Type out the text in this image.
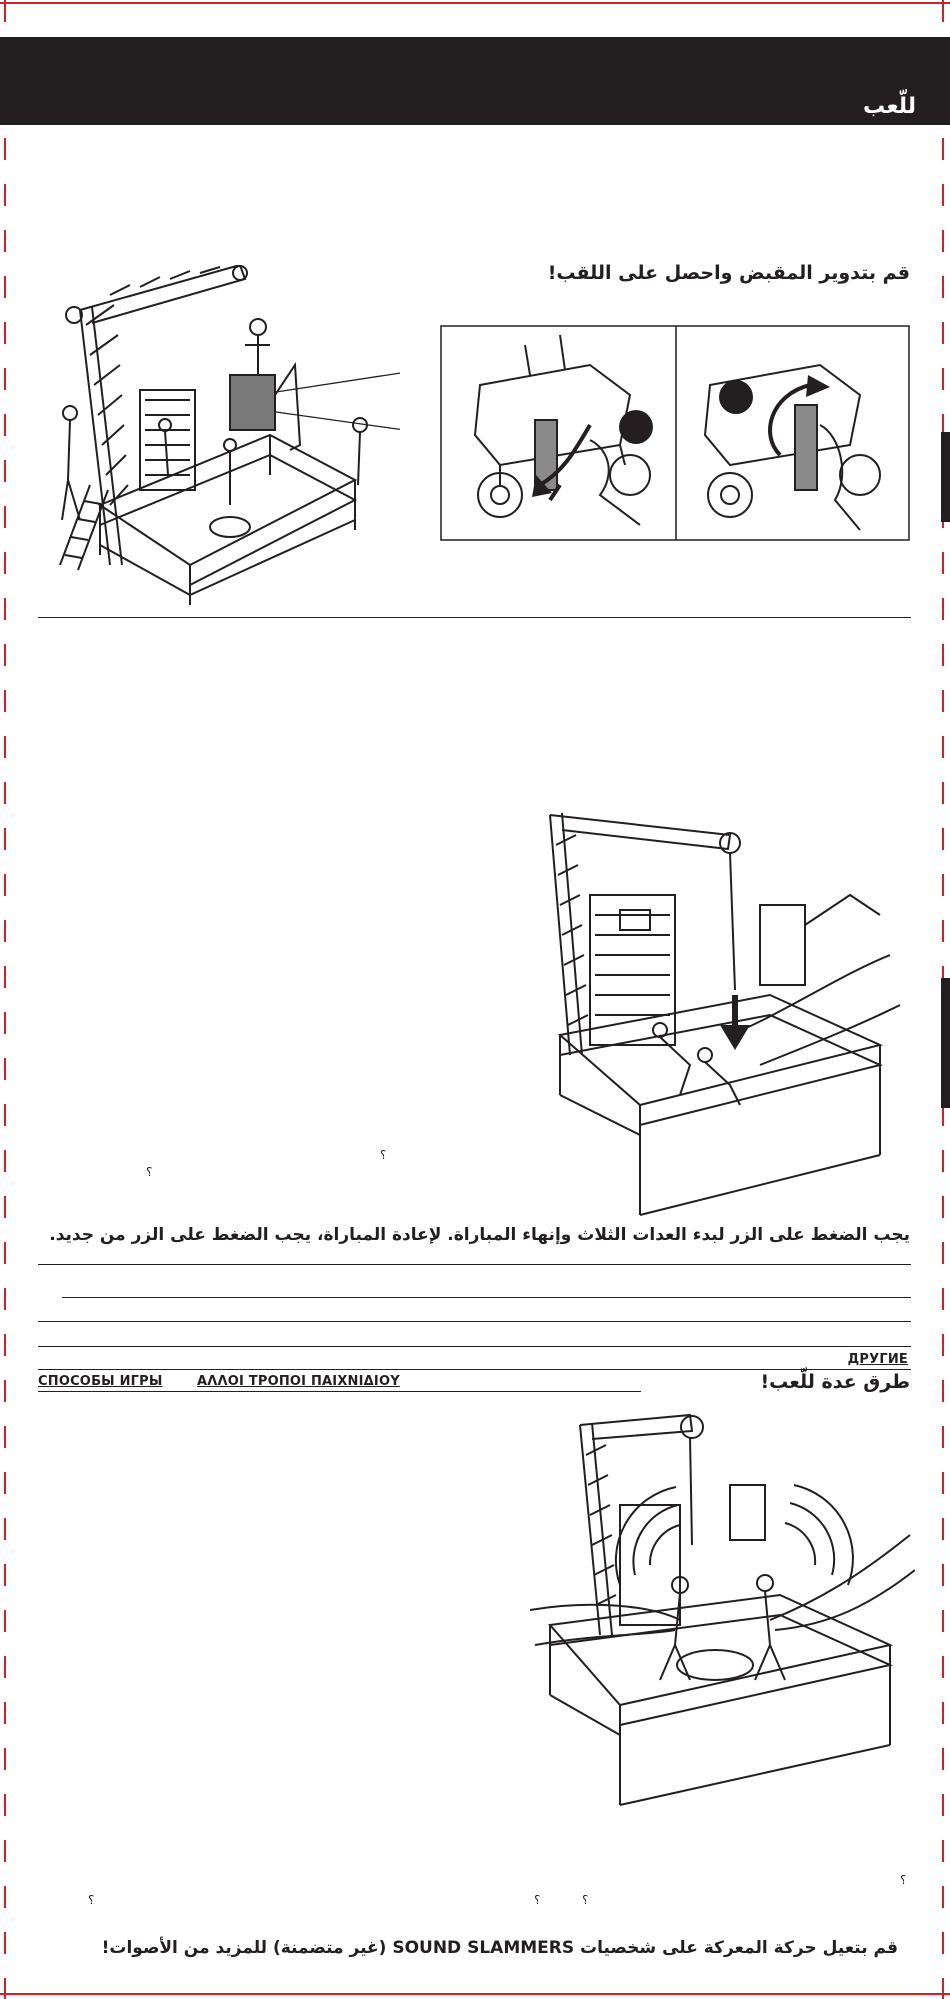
للّعب
قم بتدوير المقبض واحصل على اللقب!
؟
؟
يجب الضغط على الزر لبدء العدات الثلاث وإنهاء المباراة. لإعادة المباراة، يجب الضغط على الزر من جديد.
ДРУГИЕ
СПОСОБЫ ИГРЫ	ΑΛΛΟΙ ΤΡΟΠΟΙ ΠΑΙΧΝΙΔΙΟΥ	طرق عدة للّعب!
؟
؟	؟	؟
قم بتعيل حركة المعركة على شخصيات SOUND SLAMMERS (غير متضمنة) للمزيد من الأصوات!
